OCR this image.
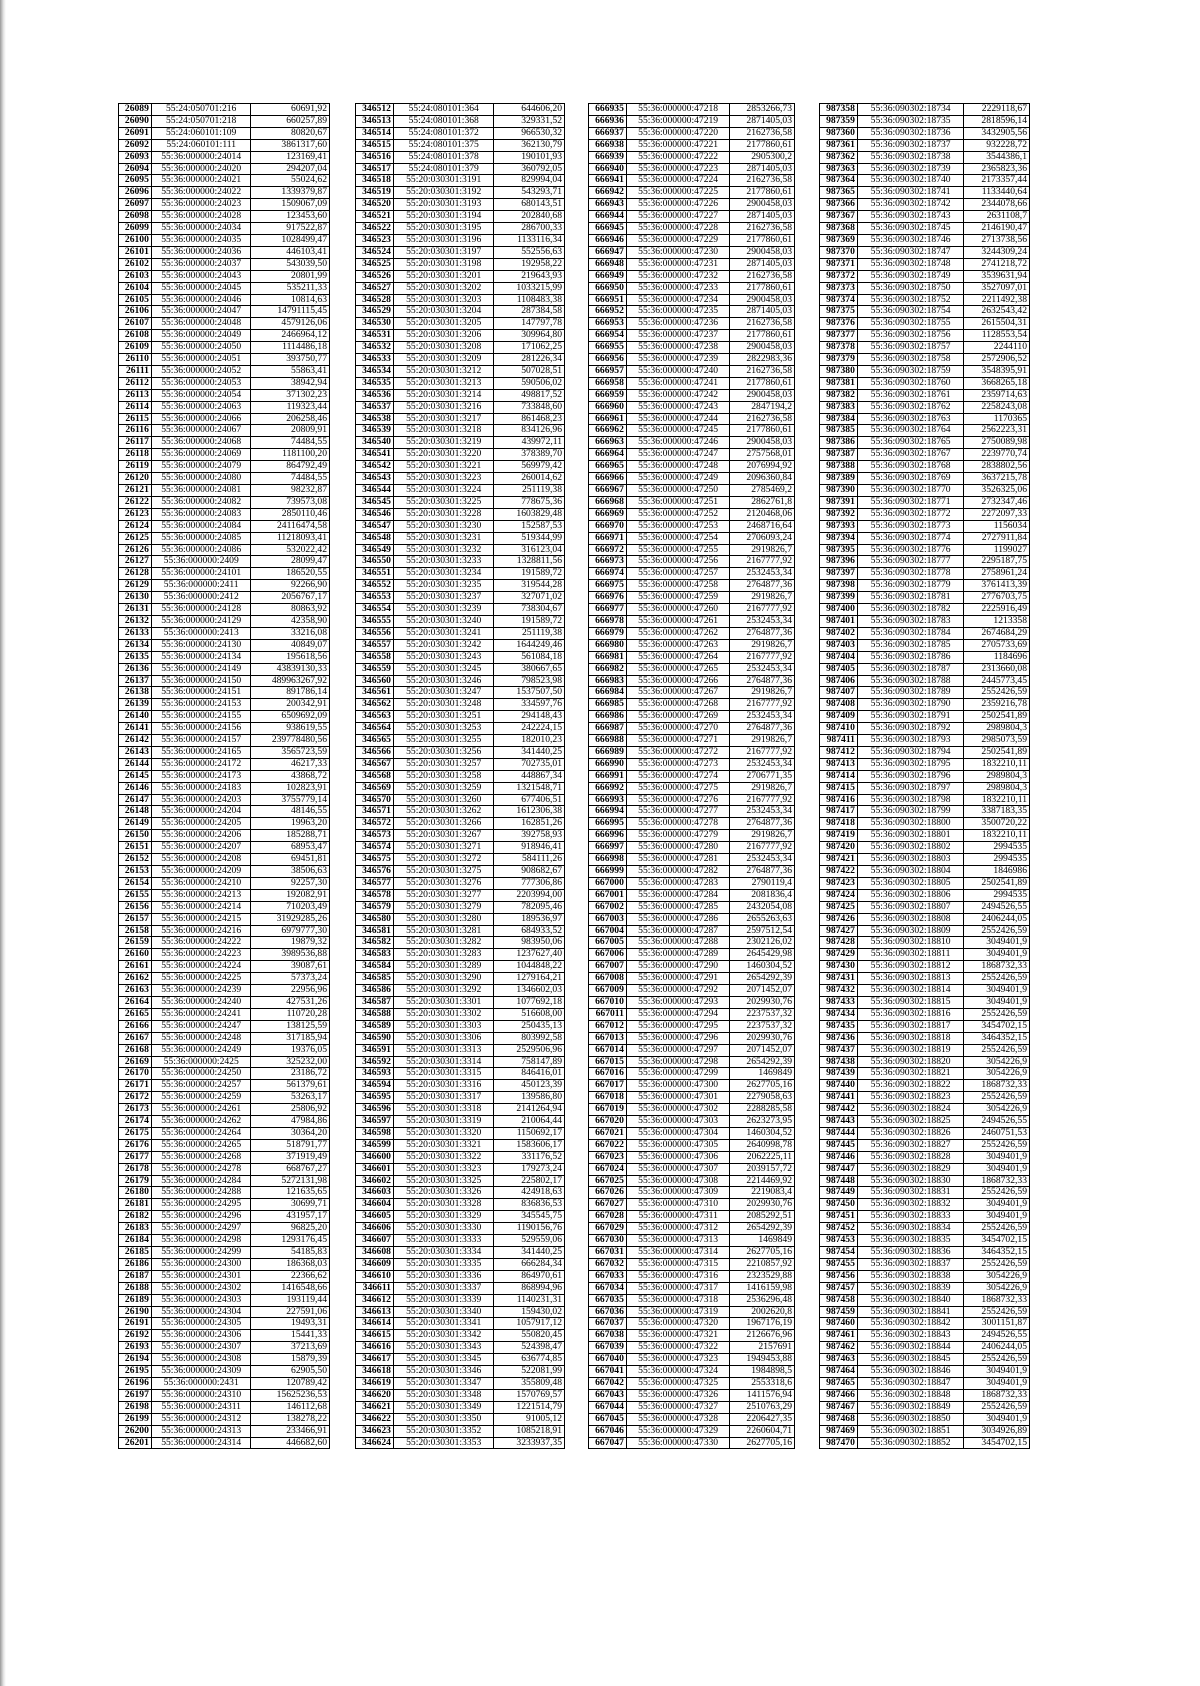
26089	55:24:050701:216	60691,92
26090	55:24:050701:218	660257,89
26091	55:24:060101:109	80820,67
26092	55:24:060101:111	3861317,60
26093	55:36:000000:24014	123169,41
26094	55:36:000000:24020	294207,04
26095	55:36:000000:24021	55024,62
26096	55:36:000000:24022	1339379,87
26097	55:36:000000:24023	1509067,09
26098	55:36:000000:24028	123453,60
26099	55:36:000000:24034	917522,87
26100	55:36:000000:24035	1028499,47
26101	55:36:000000:24036	446103,41
26102	55:36:000000:24037	543039,50
26103	55:36:000000:24043	20801,99
26104	55:36:000000:24045	535211,33
26105	55:36:000000:24046	10814,63
26106	55:36:000000:24047	14791115,45
26107	55:36:000000:24048	4579126,06
26108	55:36:000000:24049	2466964,12
26109	55:36:000000:24050	1114486,18
26110	55:36:000000:24051	393750,77
26111	55:36:000000:24052	55863,41
26112	55:36:000000:24053	38942,94
26113	55:36:000000:24054	371302,23
26114	55:36:000000:24063	119323,44
26115	55:36:000000:24066	206258,46
26116	55:36:000000:24067	20809,91
26117	55:36:000000:24068	74484,55
26118	55:36:000000:24069	1181100,20
26119	55:36:000000:24079	864792,49
26120	55:36:000000:24080	74484,55
26121	55:36:000000:24081	98232,87
26122	55:36:000000:24082	739573,08
26123	55:36:000000:24083	2850110,46
26124	55:36:000000:24084	24116474,58
26125	55:36:000000:24085	11218093,41
26126	55:36:000000:24086	532022,42
26127	55:36:000000:2409	28099,47
26128	55:36:000000:24101	186520,55
26129	55:36:000000:2411	92266,90
26130	55:36:000000:2412	2056767,17
26131	55:36:000000:24128	80863,92
26132	55:36:000000:24129	42358,90
26133	55:36:000000:2413	33216,08
26134	55:36:000000:24130	40849,07
26135	55:36:000000:24134	195618,56
26136	55:36:000000:24149	43839130,33
26137	55:36:000000:24150	489963267,92
26138	55:36:000000:24151	891786,14
26139	55:36:000000:24153	200342,91
26140	55:36:000000:24155	6509692,09
26141	55:36:000000:24156	938619,55
26142	55:36:000000:24157	239778480,56
26143	55:36:000000:24165	3565723,59
26144	55:36:000000:24172	46217,33
26145	55:36:000000:24173	43868,72
26146	55:36:000000:24183	102823,91
26147	55:36:000000:24203	3755779,14
26148	55:36:000000:24204	48146,55
26149	55:36:000000:24205	19963,20
26150	55:36:000000:24206	185288,71
26151	55:36:000000:24207	68953,47
26152	55:36:000000:24208	69451,81
26153	55:36:000000:24209	38506,63
26154	55:36:000000:24210	92257,30
26155	55:36:000000:24213	192082,91
26156	55:36:000000:24214	710203,49
26157	55:36:000000:24215	31929285,26
26158	55:36:000000:24216	6979777,30
26159	55:36:000000:24222	19879,32
26160	55:36:000000:24223	3989536,88
26161	55:36:000000:24224	39087,61
26162	55:36:000000:24225	57373,24
26163	55:36:000000:24239	22956,96
26164	55:36:000000:24240	427531,26
26165	55:36:000000:24241	110720,28
26166	55:36:000000:24247	138125,59
26167	55:36:000000:24248	317185,94
26168	55:36:000000:24249	19376,05
26169	55:36:000000:2425	325232,00
26170	55:36:000000:24250	23186,72
26171	55:36:000000:24257	561379,61
26172	55:36:000000:24259	53263,17
26173	55:36:000000:24261	25806,92
26174	55:36:000000:24262	47984,86
26175	55:36:000000:24264	30364,20
26176	55:36:000000:24265	518791,77
26177	55:36:000000:24268	371919,49
26178	55:36:000000:24278	668767,27
26179	55:36:000000:24284	5272131,98
26180	55:36:000000:24288	121635,65
26181	55:36:000000:24295	30699,71
26182	55:36:000000:24296	431957,17
26183	55:36:000000:24297	96825,20
26184	55:36:000000:24298	1293176,45
26185	55:36:000000:24299	54185,83
26186	55:36:000000:24300	186368,03
26187	55:36:000000:24301	22366,62
26188	55:36:000000:24302	1416548,66
26189	55:36:000000:24303	193119,44
26190	55:36:000000:24304	227591,06
26191	55:36:000000:24305	19493,31
26192	55:36:000000:24306	15441,33
26193	55:36:000000:24307	37213,69
26194	55:36:000000:24308	15879,39
26195	55:36:000000:24309	62905,50
26196	55:36:000000:2431	120789,42
26197	55:36:000000:24310	15625236,53
26198	55:36:000000:24311	146112,68
26199	55:36:000000:24312	138278,22
26200	55:36:000000:24313	233466,91
26201	55:36:000000:24314	446682,60
346512	55:24:080101:364	644606,20
346513	55:24:080101:368	329331,52
346514	55:24:080101:372	966530,32
346515	55:24:080101:375	362130,79
346516	55:24:080101:378	190101,93
346517	55:24:080101:379	360792,05
346518	55:20:030301:3191	829994,04
346519	55:20:030301:3192	543293,71
346520	55:20:030301:3193	680143,51
346521	55:20:030301:3194	202840,68
346522	55:20:030301:3195	286700,33
346523	55:20:030301:3196	1133116,34
346524	55:20:030301:3197	552556,63
346525	55:20:030301:3198	192958,22
346526	55:20:030301:3201	219643,93
346527	55:20:030301:3202	1033215,99
346528	55:20:030301:3203	1108483,38
346529	55:20:030301:3204	287384,58
346530	55:20:030301:3205	147797,78
346531	55:20:030301:3206	309964,80
346532	55:20:030301:3208	171062,25
346533	55:20:030301:3209	281226,34
346534	55:20:030301:3212	507028,51
346535	55:20:030301:3213	590506,02
346536	55:20:030301:3214	498817,52
346537	55:20:030301:3216	733848,60
346538	55:20:030301:3217	861468,23
346539	55:20:030301:3218	834126,96
346540	55:20:030301:3219	439972,11
346541	55:20:030301:3220	378389,70
346542	55:20:030301:3221	569979,42
346543	55:20:030301:3223	260014,62
346544	55:20:030301:3224	251119,38
346545	55:20:030301:3225	778675,36
346546	55:20:030301:3228	1603829,48
346547	55:20:030301:3230	152587,53
346548	55:20:030301:3231	519344,99
346549	55:20:030301:3232	316123,04
346550	55:20:030301:3233	1328811,56
346551	55:20:030301:3234	191589,72
346552	55:20:030301:3235	319544,28
346553	55:20:030301:3237	327071,02
346554	55:20:030301:3239	738304,67
346555	55:20:030301:3240	191589,72
346556	55:20:030301:3241	251119,38
346557	55:20:030301:3242	1644249,46
346558	55:20:030301:3243	561084,18
346559	55:20:030301:3245	380667,65
346560	55:20:030301:3246	798523,98
346561	55:20:030301:3247	1537507,50
346562	55:20:030301:3248	334597,76
346563	55:20:030301:3251	294148,43
346564	55:20:030301:3253	242224,15
346565	55:20:030301:3255	182010,23
346566	55:20:030301:3256	341440,25
346567	55:20:030301:3257	702735,01
346568	55:20:030301:3258	448867,34
346569	55:20:030301:3259	1321548,71
346570	55:20:030301:3260	677406,51
346571	55:20:030301:3262	1612306,38
346572	55:20:030301:3266	162851,26
346573	55:20:030301:3267	392758,93
346574	55:20:030301:3271	918946,41
346575	55:20:030301:3272	584111,26
346576	55:20:030301:3275	908682,67
346577	55:20:030301:3276	777306,86
346578	55:20:030301:3277	2203994,00
346579	55:20:030301:3279	782095,46
346580	55:20:030301:3280	189536,97
346581	55:20:030301:3281	684933,52
346582	55:20:030301:3282	983950,06
346583	55:20:030301:3283	1237627,40
346584	55:20:030301:3289	1044848,22
346585	55:20:030301:3290	1279164,21
346586	55:20:030301:3292	1346602,03
346587	55:20:030301:3301	1077692,18
346588	55:20:030301:3302	516608,00
346589	55:20:030301:3303	250435,13
346590	55:20:030301:3306	803992,58
346591	55:20:030301:3313	2529506,96
346592	55:20:030301:3314	758147,89
346593	55:20:030301:3315	846416,01
346594	55:20:030301:3316	450123,39
346595	55:20:030301:3317	139586,80
346596	55:20:030301:3318	2141264,94
346597	55:20:030301:3319	210064,44
346598	55:20:030301:3320	1150692,17
346599	55:20:030301:3321	1583606,17
346600	55:20:030301:3322	331176,52
346601	55:20:030301:3323	179273,24
346602	55:20:030301:3325	225802,17
346603	55:20:030301:3326	424918,63
346604	55:20:030301:3328	836836,53
346605	55:20:030301:3329	345545,75
346606	55:20:030301:3330	1190156,76
346607	55:20:030301:3333	529559,06
346608	55:20:030301:3334	341440,25
346609	55:20:030301:3335	666284,34
346610	55:20:030301:3336	864970,61
346611	55:20:030301:3337	868994,96
346612	55:20:030301:3339	1140231,31
346613	55:20:030301:3340	159430,02
346614	55:20:030301:3341	1057917,12
346615	55:20:030301:3342	550820,45
346616	55:20:030301:3343	524398,47
346617	55:20:030301:3345	636774,85
346618	55:20:030301:3346	522081,99
346619	55:20:030301:3347	355809,48
346620	55:20:030301:3348	1570769,57
346621	55:20:030301:3349	1221514,79
346622	55:20:030301:3350	91005,12
346623	55:20:030301:3352	1085218,91
346624	55:20:030301:3353	3233937,35
666935	55:36:000000:47218	2853266,73
666936	55:36:000000:47219	2871405,03
666937	55:36:000000:47220	2162736,58
666938	55:36:000000:47221	2177860,61
666939	55:36:000000:47222	2905300,2
666940	55:36:000000:47223	2871405,03
666941	55:36:000000:47224	2162736,58
666942	55:36:000000:47225	2177860,61
666943	55:36:000000:47226	2900458,03
666944	55:36:000000:47227	2871405,03
666945	55:36:000000:47228	2162736,58
666946	55:36:000000:47229	2177860,61
666947	55:36:000000:47230	2900458,03
666948	55:36:000000:47231	2871405,03
666949	55:36:000000:47232	2162736,58
666950	55:36:000000:47233	2177860,61
666951	55:36:000000:47234	2900458,03
666952	55:36:000000:47235	2871405,03
666953	55:36:000000:47236	2162736,58
666954	55:36:000000:47237	2177860,61
666955	55:36:000000:47238	2900458,03
666956	55:36:000000:47239	2822983,36
666957	55:36:000000:47240	2162736,58
666958	55:36:000000:47241	2177860,61
666959	55:36:000000:47242	2900458,03
666960	55:36:000000:47243	2847194,2
666961	55:36:000000:47244	2162736,58
666962	55:36:000000:47245	2177860,61
666963	55:36:000000:47246	2900458,03
666964	55:36:000000:47247	2757568,01
666965	55:36:000000:47248	2076994,92
666966	55:36:000000:47249	2096360,84
666967	55:36:000000:47250	2785469,2
666968	55:36:000000:47251	2862761,8
666969	55:36:000000:47252	2120468,06
666970	55:36:000000:47253	2468716,64
666971	55:36:000000:47254	2706093,24
666972	55:36:000000:47255	2919826,7
666973	55:36:000000:47256	2167777,92
666974	55:36:000000:47257	2532453,34
666975	55:36:000000:47258	2764877,36
666976	55:36:000000:47259	2919826,7
666977	55:36:000000:47260	2167777,92
666978	55:36:000000:47261	2532453,34
666979	55:36:000000:47262	2764877,36
666980	55:36:000000:47263	2919826,7
666981	55:36:000000:47264	2167777,92
666982	55:36:000000:47265	2532453,34
666983	55:36:000000:47266	2764877,36
666984	55:36:000000:47267	2919826,7
666985	55:36:000000:47268	2167777,92
666986	55:36:000000:47269	2532453,34
666987	55:36:000000:47270	2764877,36
666988	55:36:000000:47271	2919826,7
666989	55:36:000000:47272	2167777,92
666990	55:36:000000:47273	2532453,34
666991	55:36:000000:47274	2706771,35
666992	55:36:000000:47275	2919826,7
666993	55:36:000000:47276	2167777,92
666994	55:36:000000:47277	2532453,34
666995	55:36:000000:47278	2764877,36
666996	55:36:000000:47279	2919826,7
666997	55:36:000000:47280	2167777,92
666998	55:36:000000:47281	2532453,34
666999	55:36:000000:47282	2764877,36
667000	55:36:000000:47283	2790119,4
667001	55:36:000000:47284	2081836,4
667002	55:36:000000:47285	2432054,08
667003	55:36:000000:47286	2655263,63
667004	55:36:000000:47287	2597512,54
667005	55:36:000000:47288	2302126,02
667006	55:36:000000:47289	2645429,98
667007	55:36:000000:47290	1460304,52
667008	55:36:000000:47291	2654292,39
667009	55:36:000000:47292	2071452,07
667010	55:36:000000:47293	2029930,76
667011	55:36:000000:47294	2237537,32
667012	55:36:000000:47295	2237537,32
667013	55:36:000000:47296	2029930,76
667014	55:36:000000:47297	2071452,07
667015	55:36:000000:47298	2654292,39
667016	55:36:000000:47299	1469849
667017	55:36:000000:47300	2627705,16
667018	55:36:000000:47301	2279058,63
667019	55:36:000000:47302	2288285,58
667020	55:36:000000:47303	2623273,95
667021	55:36:000000:47304	1460304,52
667022	55:36:000000:47305	2640998,78
667023	55:36:000000:47306	2062225,11
667024	55:36:000000:47307	2039157,72
667025	55:36:000000:47308	2214469,92
667026	55:36:000000:47309	2219083,4
667027	55:36:000000:47310	2029930,76
667028	55:36:000000:47311	2085292,51
667029	55:36:000000:47312	2654292,39
667030	55:36:000000:47313	1469849
667031	55:36:000000:47314	2627705,16
667032	55:36:000000:47315	2210857,92
667033	55:36:000000:47316	2323529,88
667034	55:36:000000:47317	1416159,98
667035	55:36:000000:47318	2536296,48
667036	55:36:000000:47319	2002620,8
667037	55:36:000000:47320	1967176,19
667038	55:36:000000:47321	2126676,96
667039	55:36:000000:47322	2157691
667040	55:36:000000:47323	1949453,88
667041	55:36:000000:47324	1984898,5
667042	55:36:000000:47325	2553318,6
667043	55:36:000000:47326	1411576,94
667044	55:36:000000:47327	2510763,29
667045	55:36:000000:47328	2206427,35
667046	55:36:000000:47329	2260604,71
667047	55:36:000000:47330	2627705,16
987358	55:36:090302:18734	2229118,67
987359	55:36:090302:18735	2818596,14
987360	55:36:090302:18736	3432905,56
987361	55:36:090302:18737	932228,72
987362	55:36:090302:18738	3544386,1
987363	55:36:090302:18739	2365823,36
987364	55:36:090302:18740	2173357,44
987365	55:36:090302:18741	1133440,64
987366	55:36:090302:18742	2344078,66
987367	55:36:090302:18743	2631108,7
987368	55:36:090302:18745	2146190,47
987369	55:36:090302:18746	2713738,56
987370	55:36:090302:18747	3244309,24
987371	55:36:090302:18748	2741218,72
987372	55:36:090302:18749	3539631,94
987373	55:36:090302:18750	3527097,01
987374	55:36:090302:18752	2211492,38
987375	55:36:090302:18754	2632543,42
987376	55:36:090302:18755	2615504,31
987377	55:36:090302:18756	1128553,54
987378	55:36:090302:18757	2244110
987379	55:36:090302:18758	2572906,52
987380	55:36:090302:18759	3548395,91
987381	55:36:090302:18760	3668265,18
987382	55:36:090302:18761	2359714,63
987383	55:36:090302:18762	2258243,08
987384	55:36:090302:18763	1170365
987385	55:36:090302:18764	2562223,31
987386	55:36:090302:18765	2750089,98
987387	55:36:090302:18767	2239770,74
987388	55:36:090302:18768	2838802,56
987389	55:36:090302:18769	3637215,78
987390	55:36:090302:18770	3526325,06
987391	55:36:090302:18771	2732347,46
987392	55:36:090302:18772	2272097,33
987393	55:36:090302:18773	1156034
987394	55:36:090302:18774	2727911,84
987395	55:36:090302:18776	1199027
987396	55:36:090302:18777	2295187,75
987397	55:36:090302:18778	2758961,24
987398	55:36:090302:18779	3761413,39
987399	55:36:090302:18781	2776703,75
987400	55:36:090302:18782	2225916,49
987401	55:36:090302:18783	1213358
987402	55:36:090302:18784	2674684,29
987403	55:36:090302:18785	2705733,69
987404	55:36:090302:18786	1184696
987405	55:36:090302:18787	2313660,08
987406	55:36:090302:18788	2445773,45
987407	55:36:090302:18789	2552426,59
987408	55:36:090302:18790	2359216,78
987409	55:36:090302:18791	2502541,89
987410	55:36:090302:18792	2989804,3
987411	55:36:090302:18793	2985073,59
987412	55:36:090302:18794	2502541,89
987413	55:36:090302:18795	1832210,11
987414	55:36:090302:18796	2989804,3
987415	55:36:090302:18797	2989804,3
987416	55:36:090302:18798	1832210,11
987417	55:36:090302:18799	3387183,35
987418	55:36:090302:18800	3500720,22
987419	55:36:090302:18801	1832210,11
987420	55:36:090302:18802	2994535
987421	55:36:090302:18803	2994535
987422	55:36:090302:18804	1846986
987423	55:36:090302:18805	2502541,89
987424	55:36:090302:18806	2994535
987425	55:36:090302:18807	2494526,55
987426	55:36:090302:18808	2406244,05
987427	55:36:090302:18809	2552426,59
987428	55:36:090302:18810	3049401,9
987429	55:36:090302:18811	3049401,9
987430	55:36:090302:18812	1868732,33
987431	55:36:090302:18813	2552426,59
987432	55:36:090302:18814	3049401,9
987433	55:36:090302:18815	3049401,9
987434	55:36:090302:18816	2552426,59
987435	55:36:090302:18817	3454702,15
987436	55:36:090302:18818	3464352,15
987437	55:36:090302:18819	2552426,59
987438	55:36:090302:18820	3054226,9
987439	55:36:090302:18821	3054226,9
987440	55:36:090302:18822	1868732,33
987441	55:36:090302:18823	2552426,59
987442	55:36:090302:18824	3054226,9
987443	55:36:090302:18825	2494526,55
987444	55:36:090302:18826	2460751,53
987445	55:36:090302:18827	2552426,59
987446	55:36:090302:18828	3049401,9
987447	55:36:090302:18829	3049401,9
987448	55:36:090302:18830	1868732,33
987449	55:36:090302:18831	2552426,59
987450	55:36:090302:18832	3049401,9
987451	55:36:090302:18833	3049401,9
987452	55:36:090302:18834	2552426,59
987453	55:36:090302:18835	3454702,15
987454	55:36:090302:18836	3464352,15
987455	55:36:090302:18837	2552426,59
987456	55:36:090302:18838	3054226,9
987457	55:36:090302:18839	3054226,9
987458	55:36:090302:18840	1868732,33
987459	55:36:090302:18841	2552426,59
987460	55:36:090302:18842	3001151,87
987461	55:36:090302:18843	2494526,55
987462	55:36:090302:18844	2406244,05
987463	55:36:090302:18845	2552426,59
987464	55:36:090302:18846	3049401,9
987465	55:36:090302:18847	3049401,9
987466	55:36:090302:18848	1868732,33
987467	55:36:090302:18849	2552426,59
987468	55:36:090302:18850	3049401,9
987469	55:36:090302:18851	3034926,89
987470	55:36:090302:18852	3454702,15
